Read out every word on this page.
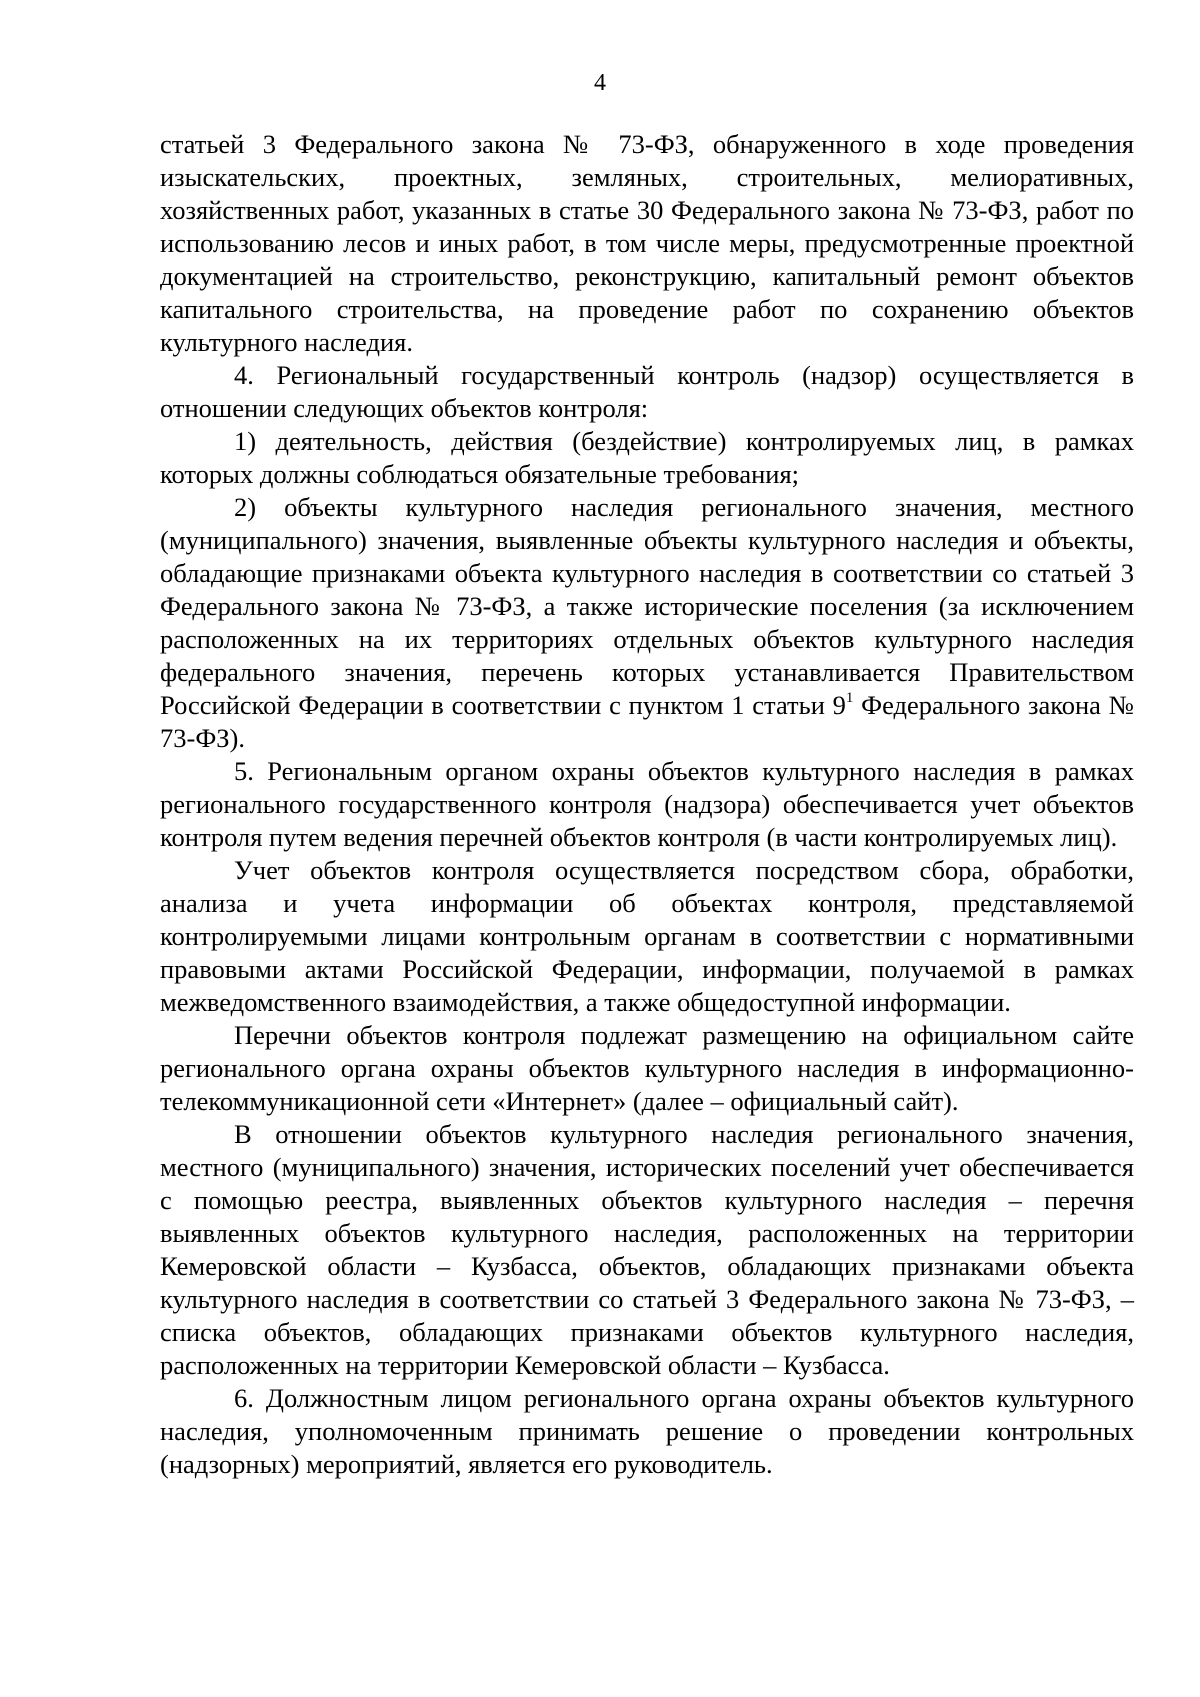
4

статьей 3 Федерального закона № 73-ФЗ, обнаруженного в ходе проведения изыскательских, проектных, земляных, строительных, мелиоративных, хозяйственных работ, указанных в статье 30 Федерального закона № 73-ФЗ, работ по использованию лесов и иных работ, в том числе меры, предусмотренные проектной документацией на строительство, реконструкцию, капитальный ремонт объектов капитального строительства, на проведение работ по сохранению объектов культурного наследия.

4. Региональный государственный контроль (надзор) осуществляется в отношении следующих объектов контроля:

1) деятельность, действия (бездействие) контролируемых лиц, в рамках которых должны соблюдаться обязательные требования;

2) объекты культурного наследия регионального значения, местного (муниципального) значения, выявленные объекты культурного наследия и объекты, обладающие признаками объекта культурного наследия в соответствии со статьей 3 Федерального закона № 73-ФЗ, а также исторические поселения (за исключением расположенных на их территориях отдельных объектов культурного наследия федерального значения, перечень которых устанавливается Правительством Российской Федерации в соответствии с пунктом 1 статьи $9^1$ Федерального закона № 73-ФЗ).

5. Региональным органом охраны объектов культурного наследия в рамках регионального государственного контроля (надзора) обеспечивается учет объектов контроля путем ведения перечней объектов контроля (в части контролируемых лиц).

Учет объектов контроля осуществляется посредством сбора, обработки, анализа и учета информации об объектах контроля, представляемой контролируемыми лицами контрольным органам в соответствии с нормативными правовыми актами Российской Федерации, информации, получаемой в рамках межведомственного взаимодействия, а также общедоступной информации.

Перечни объектов контроля подлежат размещению на официальном сайте регионального органа охраны объектов культурного наследия в информационно-телекоммуникационной сети «Интернет» (далее – официальный сайт).

В отношении объектов культурного наследия регионального значения, местного (муниципального) значения, исторических поселений учет обеспечивается с помощью реестра, выявленных объектов культурного наследия – перечня выявленных объектов культурного наследия, расположенных на территории Кемеровской области – Кузбасса, объектов, обладающих признаками объекта культурного наследия в соответствии со статьей 3 Федерального закона № 73-ФЗ, – списка объектов, обладающих признаками объектов культурного наследия, расположенных на территории Кемеровской области – Кузбасса.

6. Должностным лицом регионального органа охраны объектов культурного наследия, уполномоченным принимать решение о проведении контрольных (надзорных) мероприятий, является его руководитель.
